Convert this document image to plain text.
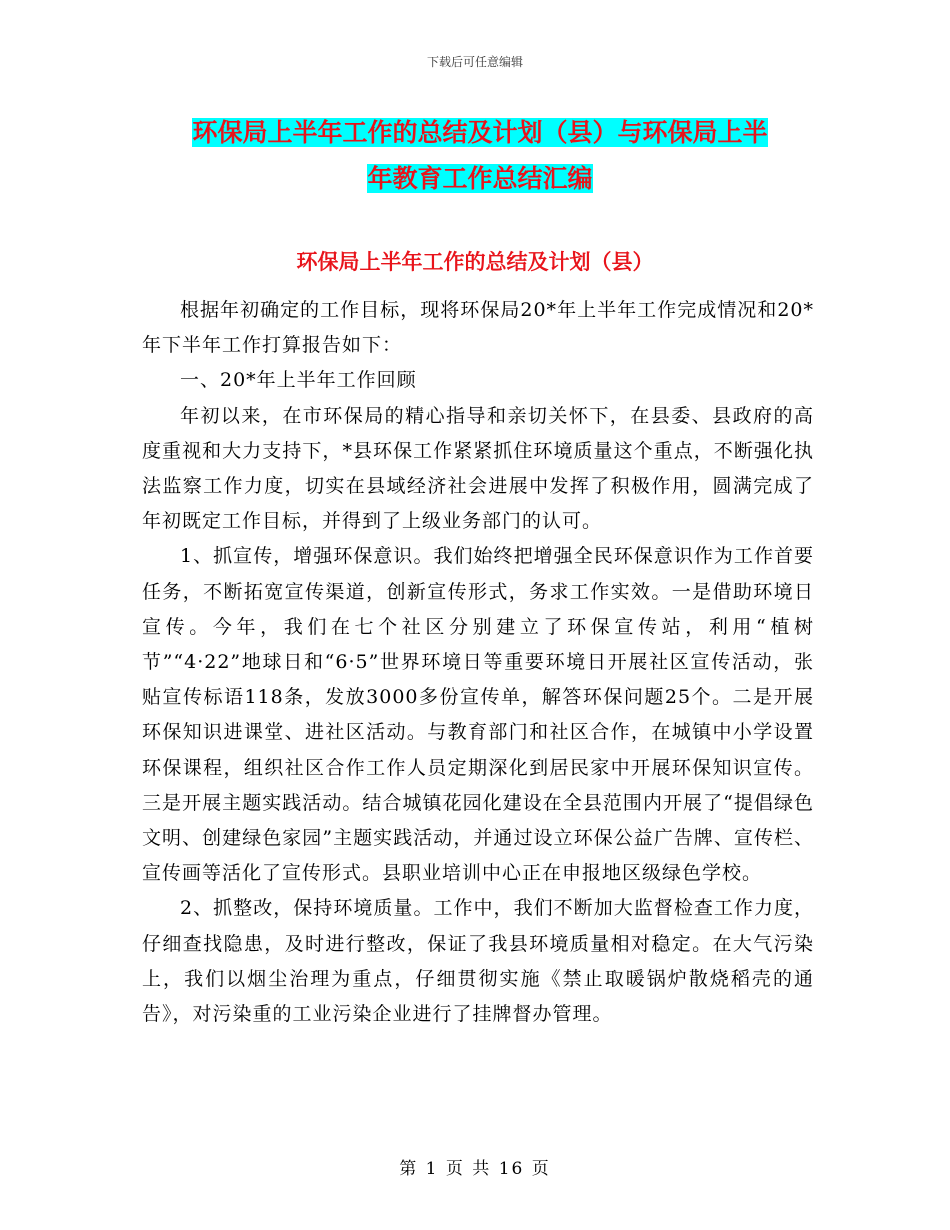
下载后可任意编辑
环保局上半年工作的总结及计划（县）与环保局上半
年教育工作总结汇编
环保局上半年工作的总结及计划（县）

根据年初确定的工作目标，现将环保局20*年上半年工作完成情况和20*年下半年工作打算报告如下：

一、20*年上半年工作回顾

年初以来，在市环保局的精心指导和亲切关怀下，在县委、县政府的高度重视和大力支持下，*县环保工作紧紧抓住环境质量这个重点，不断强化执法监察工作力度，切实在县域经济社会进展中发挥了积极作用，圆满完成了年初既定工作目标，并得到了上级业务部门的认可。

1、抓宣传，增强环保意识。我们始终把增强全民环保意识作为工作首要任务，不断拓宽宣传渠道，创新宣传形式，务求工作实效。一是借助环境日宣传。今年，我们在七个社区分别建立了环保宣传站，利用“植树节”“4·22”地球日和“6·5”世界环境日等重要环境日开展社区宣传活动，张贴宣传标语118条，发放3000多份宣传单，解答环保问题25个。二是开展环保知识进课堂、进社区活动。与教育部门和社区合作，在城镇中小学设置环保课程，组织社区合作工作人员定期深化到居民家中开展环保知识宣传。三是开展主题实践活动。结合城镇花园化建设在全县范围内开展了“提倡绿色文明、创建绿色家园”主题实践活动，并通过设立环保公益广告牌、宣传栏、宣传画等活化了宣传形式。县职业培训中心正在申报地区级绿色学校。

2、抓整改，保持环境质量。工作中，我们不断加大监督检查工作力度，仔细查找隐患，及时进行整改，保证了我县环境质量相对稳定。在大气污染上，我们以烟尘治理为重点，仔细贯彻实施《禁止取暖锅炉散烧稻壳的通告》，对污染重的工业污染企业进行了挂牌督办管理。

第 1 页 共 16 页
